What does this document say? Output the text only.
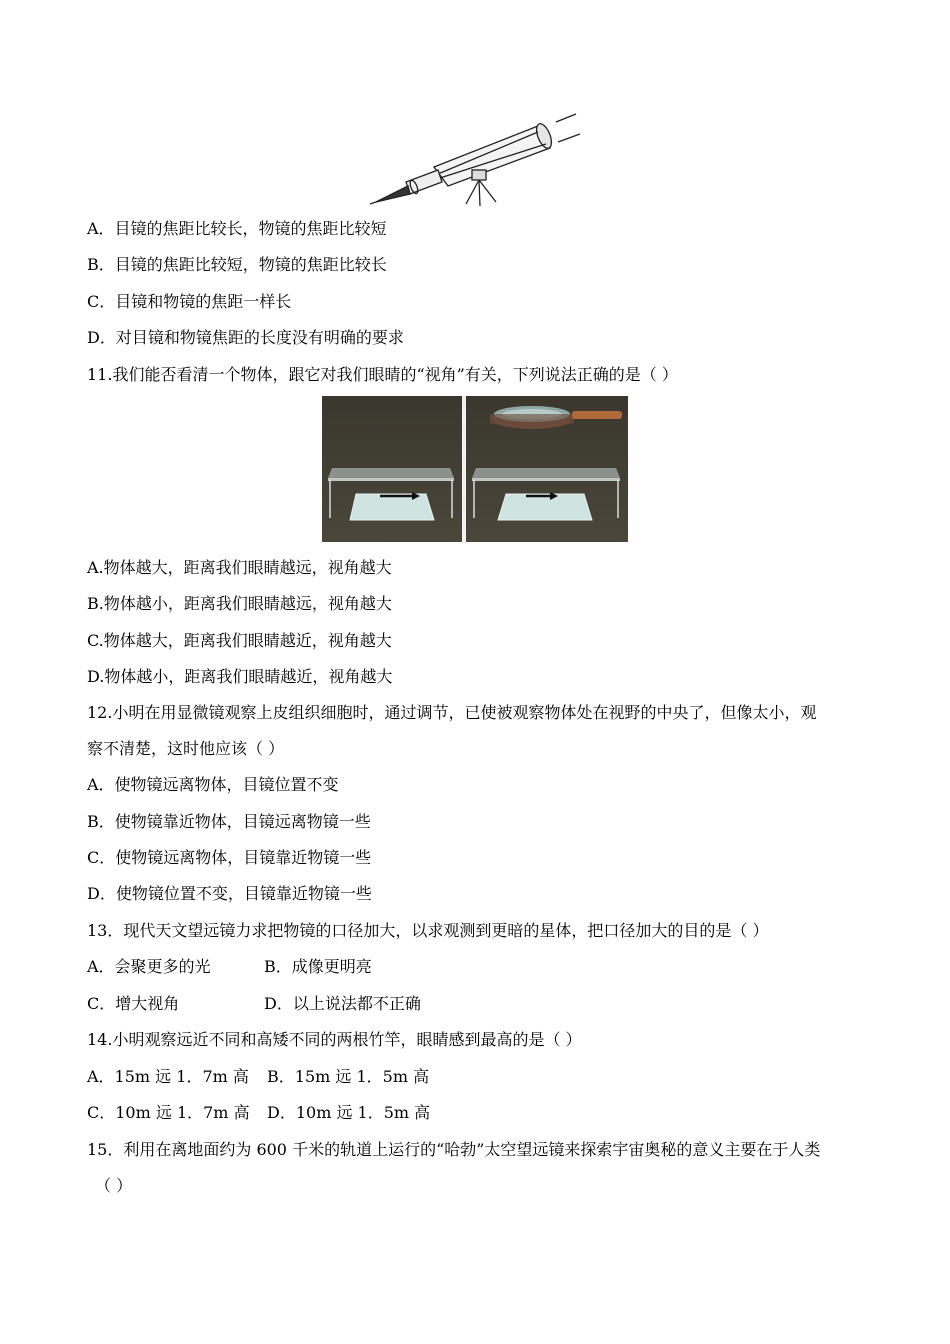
A．目镜的焦距比较长，物镜的焦距比较短
B．目镜的焦距比较短，物镜的焦距比较长
C．目镜和物镜的焦距一样长
D．对目镜和物镜焦距的长度没有明确的要求
11.我们能否看清一个物体，跟它对我们眼睛的“视角”有关，下列说法正确的是（ ）
A.物体越大，距离我们眼睛越远，视角越大
B.物体越小，距离我们眼睛越远，视角越大
C.物体越大，距离我们眼睛越近，视角越大
D.物体越小，距离我们眼睛越近，视角越大
12.小明在用显微镜观察上皮组织细胞时，通过调节，已使被观察物体处在视野的中央了，但像太小，观
察不清楚，这时他应该（ ）
A．使物镜远离物体，目镜位置不变
B．使物镜靠近物体，目镜远离物镜一些
C．使物镜远离物体，目镜靠近物镜一些
D．使物镜位置不变，目镜靠近物镜一些
13．现代天文望远镜力求把物镜的口径加大，以求观测到更暗的星体，把口径加大的目的是（ ）
A．会聚更多的光	B．成像更明亮
C．增大视角	D．以上说法都不正确
14.小明观察远近不同和高矮不同的两根竹竿，眼睛感到最高的是（ ）
A．15m 远 1．7m 高 B．15m 远 1．5m 高
C．10m 远 1．7m 高 D．10m 远 1．5m 高
15．利用在离地面约为 600 千米的轨道上运行的“哈勃”太空望远镜来探索宇宙奥秘的意义主要在于人类
（ ）
